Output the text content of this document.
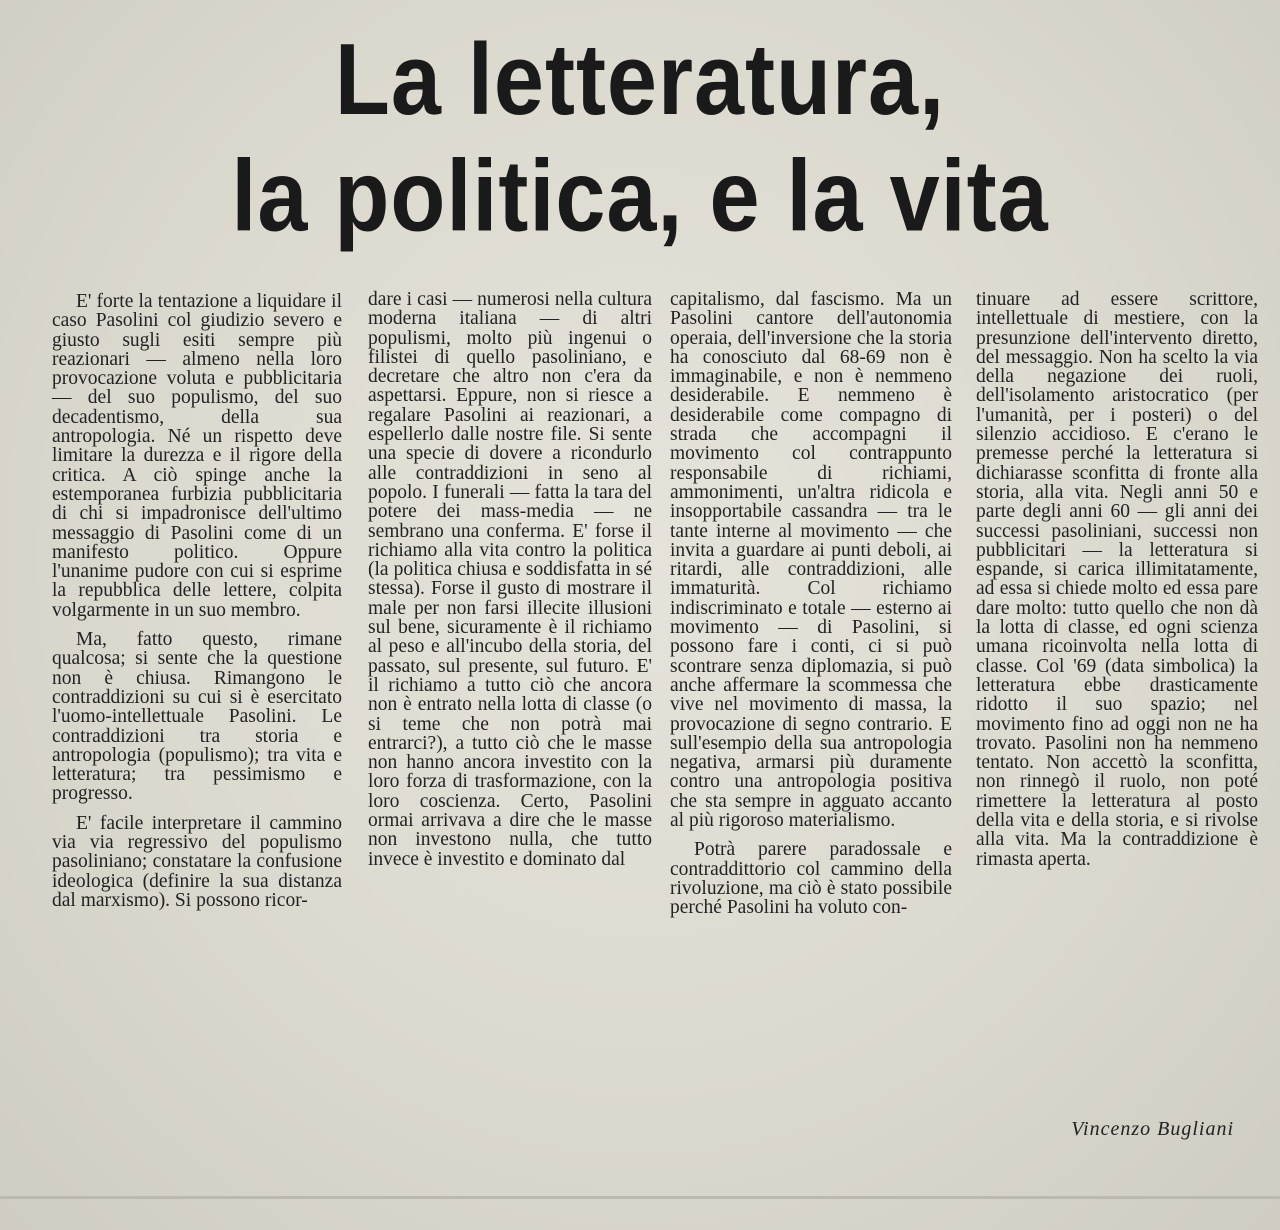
La letteratura,
la politica, e la vita

E' forte la tentazione a liquidare il caso Pasolini col giudizio severo e giusto sugli esiti sempre più reazionari — almeno nella loro provocazione voluta e pubblicitaria — del suo populismo, del suo decadentismo, della sua antropologia. Né un rispetto deve limitare la durezza e il rigore della critica. A ciò spinge anche la estemporanea furbizia pubblicitaria di chi si impadronisce dell'ultimo messaggio di Pasolini come di un manifesto politico. Oppure l'unanime pudore con cui si esprime la repubblica delle lettere, colpita volgarmente in un suo membro.

Ma, fatto questo, rimane qualcosa; si sente che la questione non è chiusa. Rimangono le contraddizioni su cui si è esercitato l'uomo-intellettuale Pasolini. Le contraddizioni tra storia e antropologia (populismo); tra vita e letteratura; tra pessimismo e progresso.

E' facile interpretare il cammino via via regressivo del populismo pasoliniano; constatare la confusione ideologica (definire la sua distanza dal marxismo). Si possono ricor-

dare i casi — numerosi nella cultura moderna italiana — di altri populismi, molto più ingenui o filistei di quello pasoliniano, e decretare che altro non c'era da aspettarsi. Eppure, non si riesce a regalare Pasolini ai reazionari, a espellerlo dalle nostre file. Si sente una specie di dovere a ricondurlo alle contraddizioni in seno al popolo. I funerali — fatta la tara del potere dei mass-media — ne sembrano una conferma. E' forse il richiamo alla vita contro la politica (la politica chiusa e soddisfatta in sé stessa). Forse il gusto di mostrare il male per non farsi illecite illusioni sul bene, sicuramente è il richiamo al peso e all'incubo della storia, del passato, sul presente, sul futuro. E' il richiamo a tutto ciò che ancora non è entrato nella lotta di classe (o si teme che non potrà mai entrarci?), a tutto ciò che le masse non hanno ancora investito con la loro forza di trasformazione, con la loro coscienza. Certo, Pasolini ormai arrivava a dire che le masse non investono nulla, che tutto invece è investito e dominato dal

capitalismo, dal fascismo. Ma un Pasolini cantore dell'autonomia operaia, dell'inversione che la storia ha conosciuto dal 68-69 non è immaginabile, e non è nemmeno desiderabile. E nemmeno è desiderabile come compagno di strada che accompagni il movimento col contrappunto responsabile di richiami, ammonimenti, un'altra ridicola e insopportabile cassandra — tra le tante interne al movimento — che invita a guardare ai punti deboli, ai ritardi, alle contraddizioni, alle immaturità. Col richiamo indiscriminato e totale — esterno ai movimento — di Pasolini, si possono fare i conti, ci si può scontrare senza diplomazia, si può anche affermare la scommessa che vive nel movimento di massa, la provocazione di segno contrario. E sull'esempio della sua antropologia negativa, armarsi più duramente contro una antropologia positiva che sta sempre in agguato accanto al più rigoroso materialismo.

Potrà parere paradossale e contraddittorio col cammino della rivoluzione, ma ciò è stato possibile perché Pasolini ha voluto con-

tinuare ad essere scrittore, intellettuale di mestiere, con la presunzione dell'intervento diretto, del messaggio. Non ha scelto la via della negazione dei ruoli, dell'isolamento aristocratico (per l'umanità, per i posteri) o del silenzio accidioso. E c'erano le premesse perché la letteratura si dichiarasse sconfitta di fronte alla storia, alla vita. Negli anni 50 e parte degli anni 60 — gli anni dei successi pasoliniani, successi non pubblicitari — la letteratura si espande, si carica illimitatamente, ad essa si chiede molto ed essa pare dare molto: tutto quello che non dà la lotta di classe, ed ogni scienza umana ricoinvolta nella lotta di classe. Col '69 (data simbolica) la letteratura ebbe drasticamente ridotto il suo spazio; nel movimento fino ad oggi non ne ha trovato. Pasolini non ha nemmeno tentato. Non accettò la sconfitta, non rinnegò il ruolo, non poté rimettere la letteratura al posto della vita e della storia, e si rivolse alla vita. Ma la contraddizione è rimasta aperta.

Vincenzo Bugliani
